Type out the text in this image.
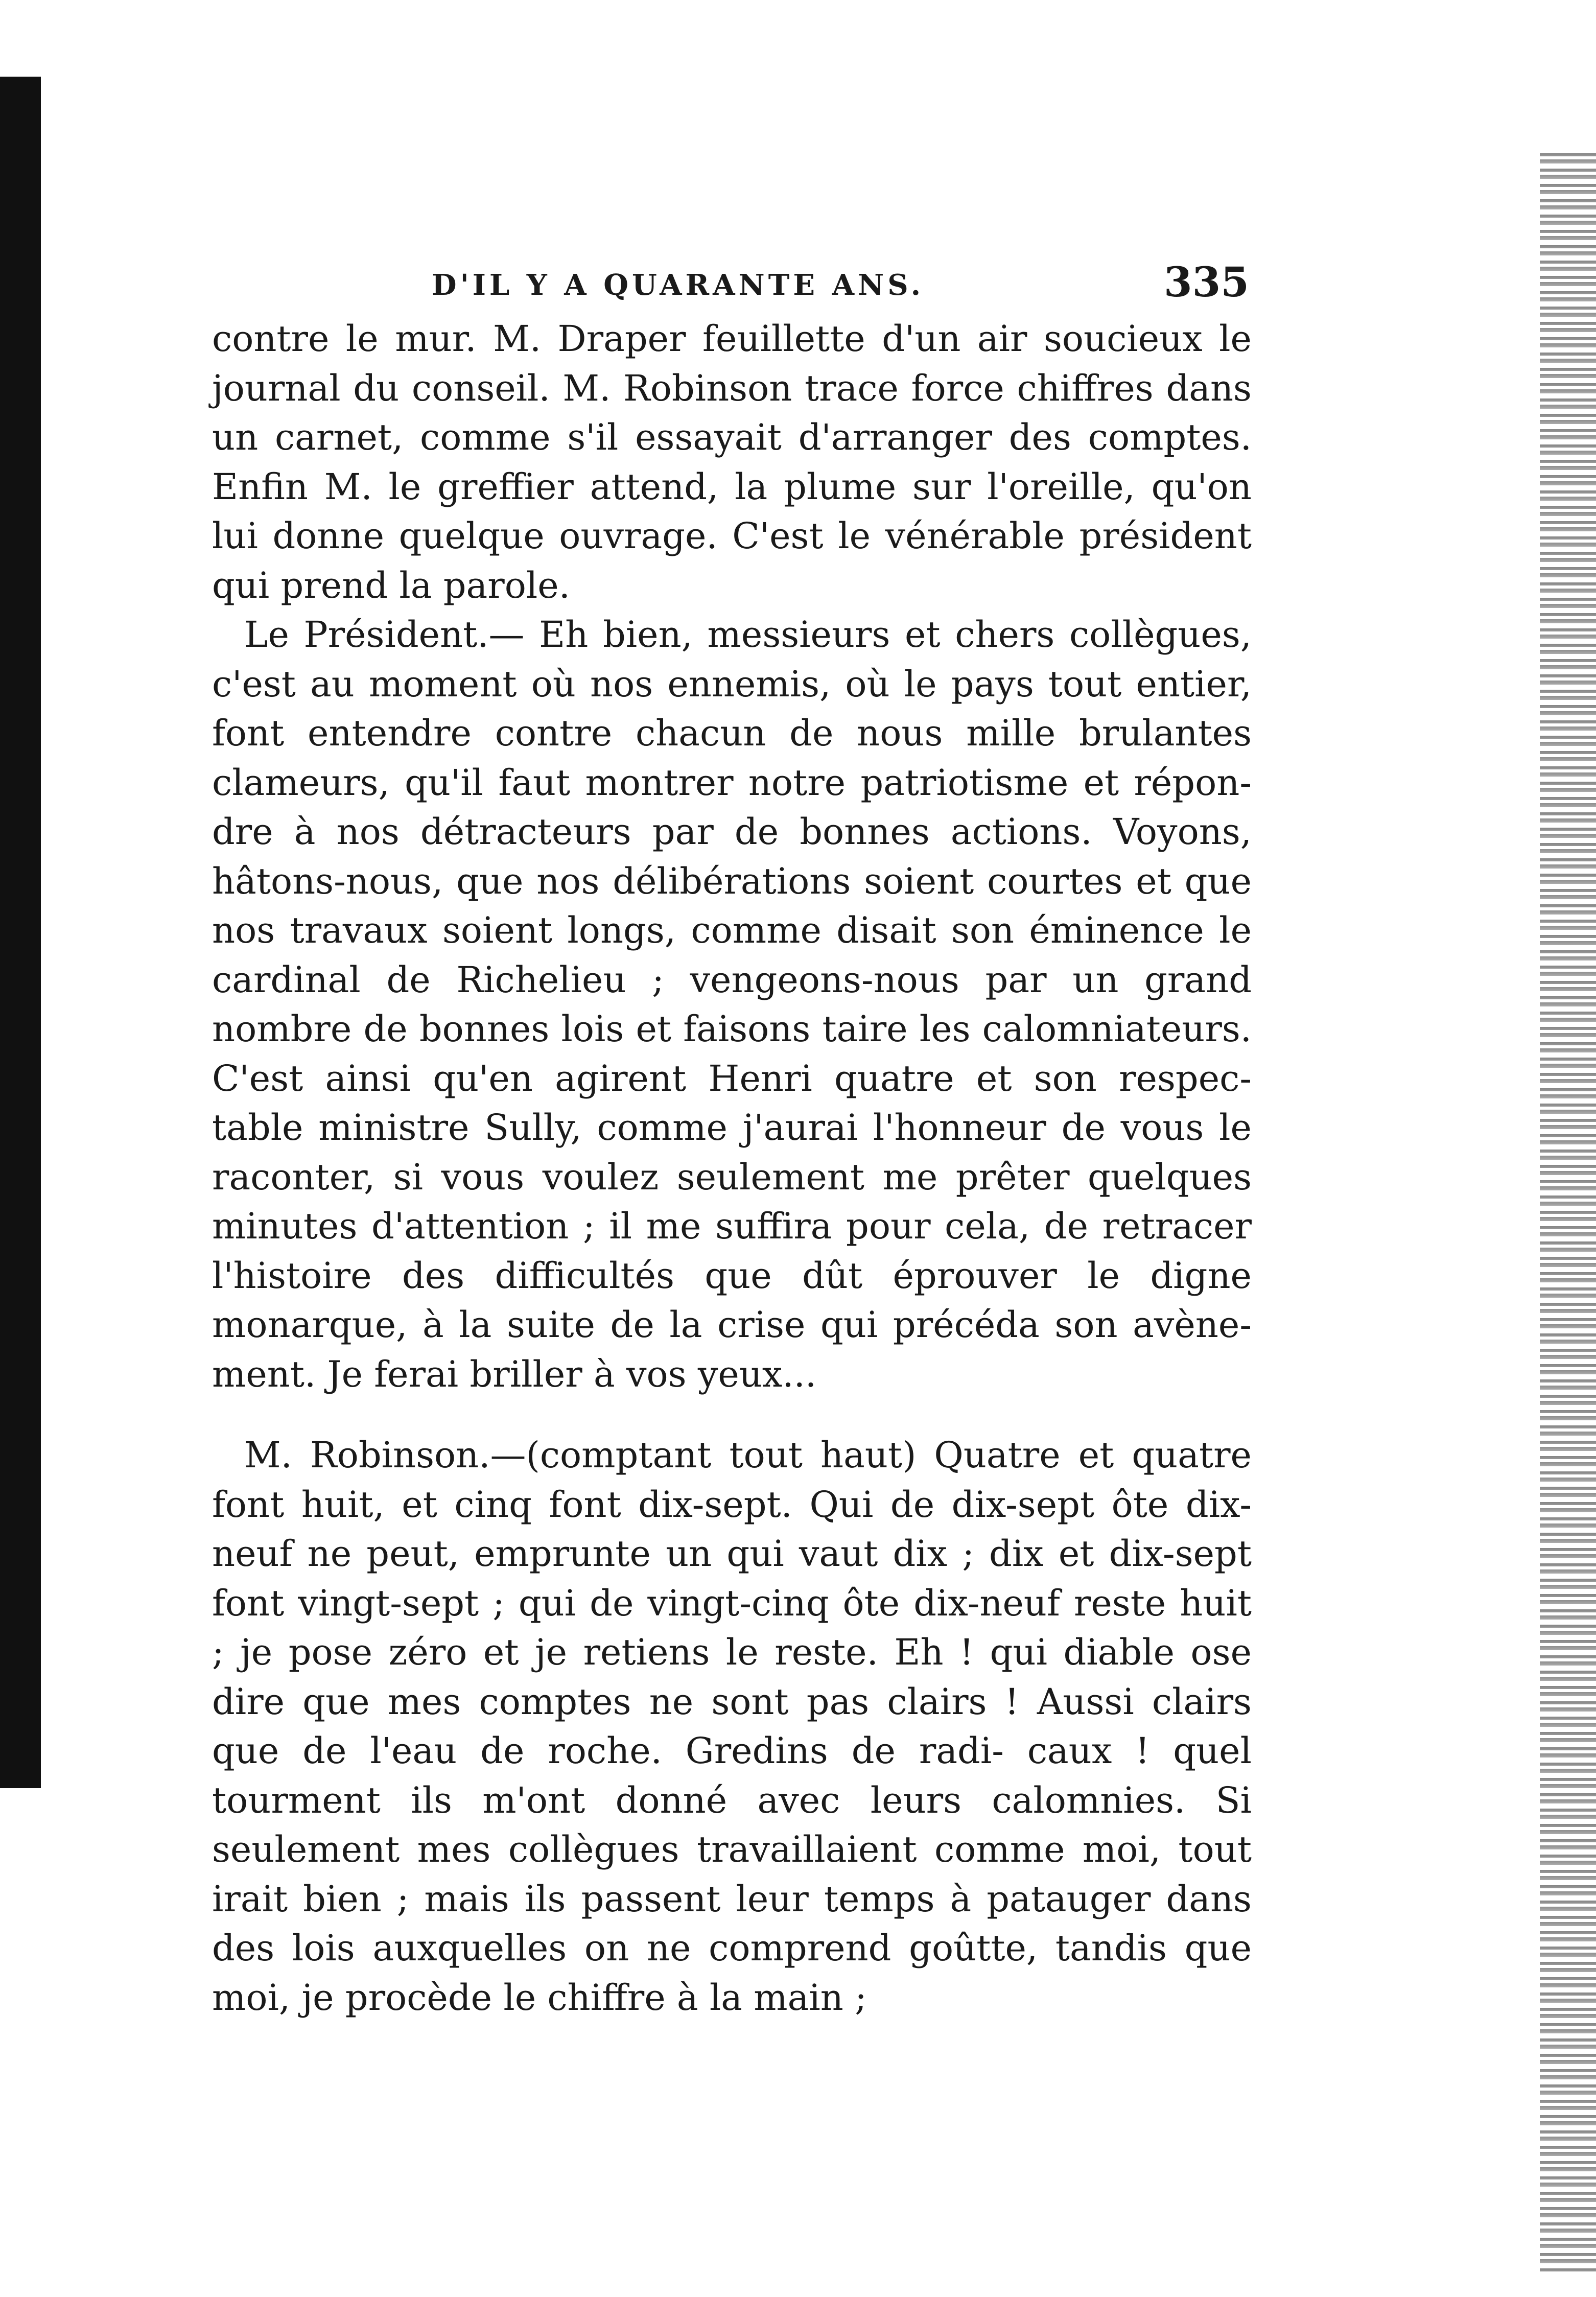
D'IL Y A QUARANTE ANS.	335

contre le mur. M. Draper feuillette d'un air soucieux le journal du conseil. M. Robinson trace force chiffres dans un carnet, comme s'il essayait d'arranger des comptes. Enfin M. le greffier attend, la plume sur l'oreille, qu'on lui donne quelque ouvrage. C'est le vénérable président qui prend la parole.

Le Président.— Eh bien, messieurs et chers collègues, c'est au moment où nos ennemis, où le pays tout entier, font entendre contre chacun de nous mille brulantes clameurs, qu'il faut montrer notre patriotisme et répon- dre à nos détracteurs par de bonnes actions. Voyons, hâtons-nous, que nos délibérations soient courtes et que nos travaux soient longs, comme disait son éminence le cardinal de Richelieu ; vengeons-nous par un grand nombre de bonnes lois et faisons taire les calomniateurs. C'est ainsi qu'en agirent Henri quatre et son respec- table ministre Sully, comme j'aurai l'honneur de vous le raconter, si vous voulez seulement me prêter quelques minutes d'attention ; il me suffira pour cela, de retracer l'histoire des difficultés que dût éprouver le digne monarque, à la suite de la crise qui précéda son avène- ment. Je ferai briller à vos yeux...

M. Robinson.—(comptant tout haut) Quatre et quatre font huit, et cinq font dix-sept. Qui de dix-sept ôte dix-neuf ne peut, emprunte un qui vaut dix ; dix et dix-sept font vingt-sept ; qui de vingt-cinq ôte dix-neuf reste huit ; je pose zéro et je retiens le reste. Eh ! qui diable ose dire que mes comptes ne sont pas clairs ! Aussi clairs que de l'eau de roche. Gredins de radi- caux ! quel tourment ils m'ont donné avec leurs calomnies. Si seulement mes collègues travaillaient comme moi, tout irait bien ; mais ils passent leur temps à patauger dans des lois auxquelles on ne comprend goûtte, tandis que moi, je procède le chiffre à la main ;
